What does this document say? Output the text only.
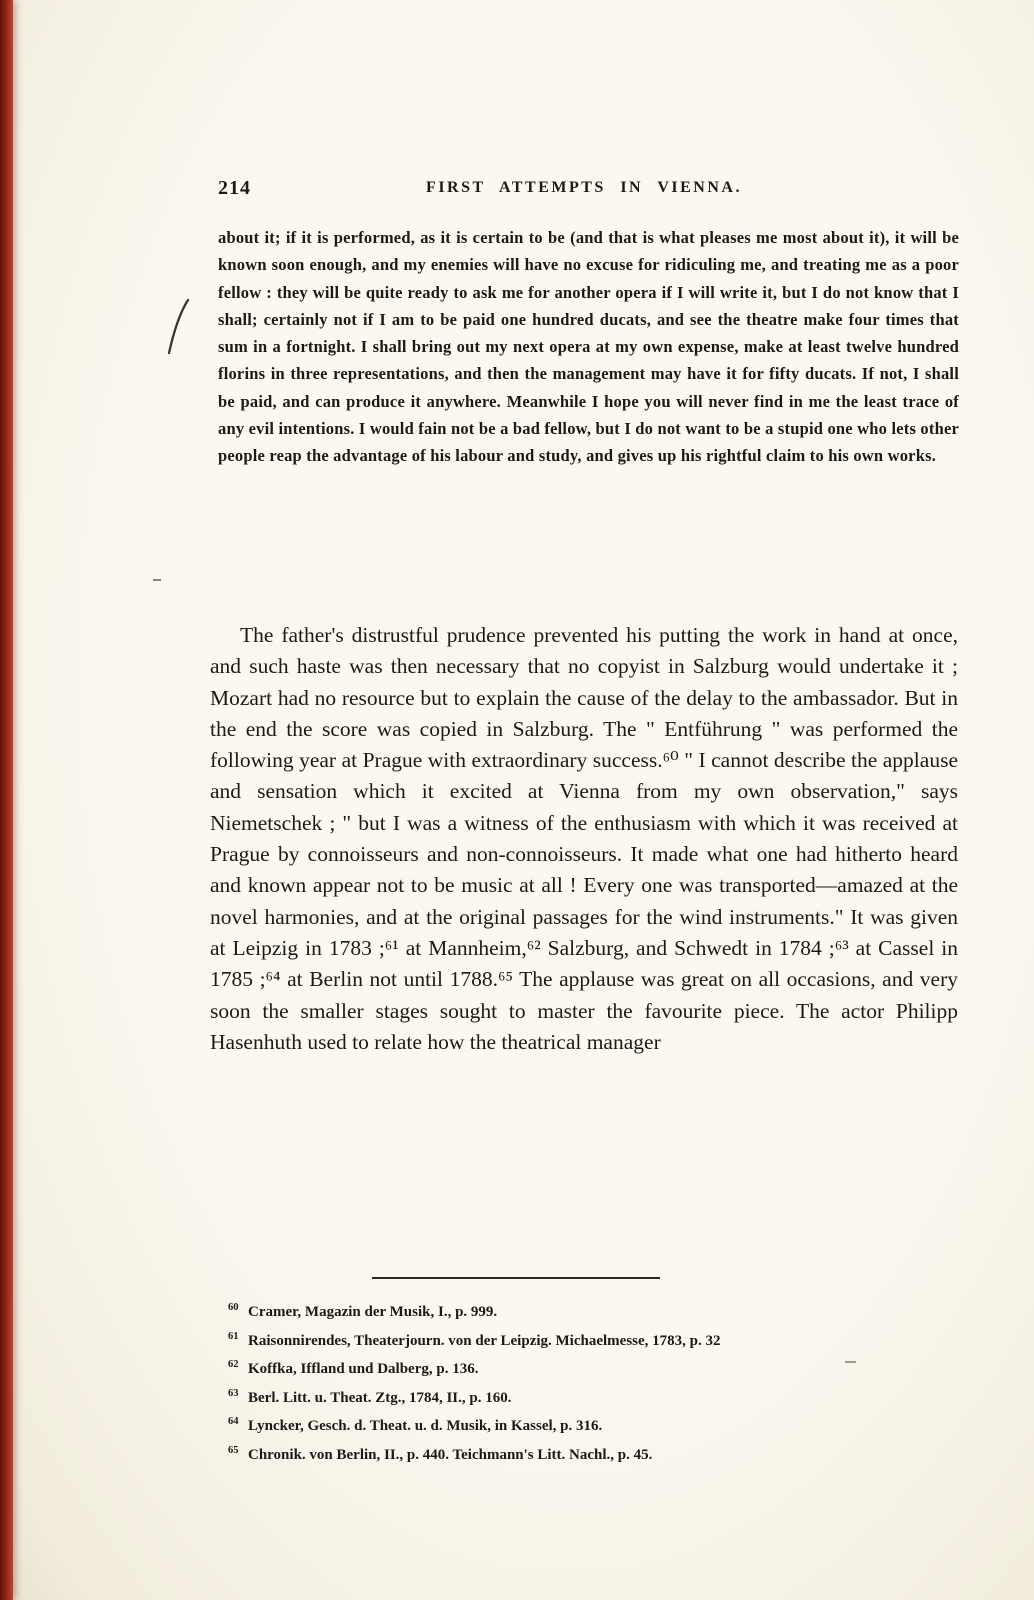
214	FIRST ATTEMPTS IN VIENNA.

about it; if it is performed, as it is certain to be (and that is what pleases me most about it), it will be known soon enough, and my enemies will have no excuse for ridiculing me, and treating me as a poor fellow : they will be quite ready to ask me for another opera if I will write it, but I do not know that I shall; certainly not if I am to be paid one hundred ducats, and see the theatre make four times that sum in a fortnight. I shall bring out my next opera at my own expense, make at least twelve hundred florins in three representations, and then the management may have it for fifty ducats. If not, I shall be paid, and can produce it anywhere. Meanwhile I hope you will never find in me the least trace of any evil intentions. I would fain not be a bad fellow, but I do not want to be a stupid one who lets other people reap the advantage of his labour and study, and gives up his rightful claim to his own works.

The father's distrustful prudence prevented his putting the work in hand at once, and such haste was then necessary that no copyist in Salzburg would undertake it ; Mozart had no resource but to explain the cause of the delay to the ambassador. But in the end the score was copied in Salzburg. The " Entführung " was performed the following year at Prague with extraordinary success.⁶⁰ " I cannot describe the applause and sensation which it excited at Vienna from my own observation," says Niemetschek ; " but I was a witness of the enthusiasm with which it was received at Prague by connoisseurs and non-connoisseurs. It made what one had hitherto heard and known appear not to be music at all ! Every one was transported—amazed at the novel harmonies, and at the original passages for the wind instruments." It was given at Leipzig in 1783 ;⁶¹ at Mannheim,⁶² Salzburg, and Schwedt in 1784 ;⁶³ at Cassel in 1785 ;⁶⁴ at Berlin not until 1788.⁶⁵ The applause was great on all occasions, and very soon the smaller stages sought to master the favourite piece. The actor Philipp Hasenhuth used to relate how the theatrical manager

60 Cramer, Magazin der Musik, I., p. 999.

61 Raisonnirendes, Theaterjourn. von der Leipzig. Michaelmesse, 1783, p. 32

62 Koffka, Iffland und Dalberg, p. 136.

63 Berl. Litt. u. Theat. Ztg., 1784, II., p. 160.

64 Lyncker, Gesch. d. Theat. u. d. Musik, in Kassel, p. 316.

65 Chronik. von Berlin, II., p. 440. Teichmann's Litt. Nachl., p. 45.
